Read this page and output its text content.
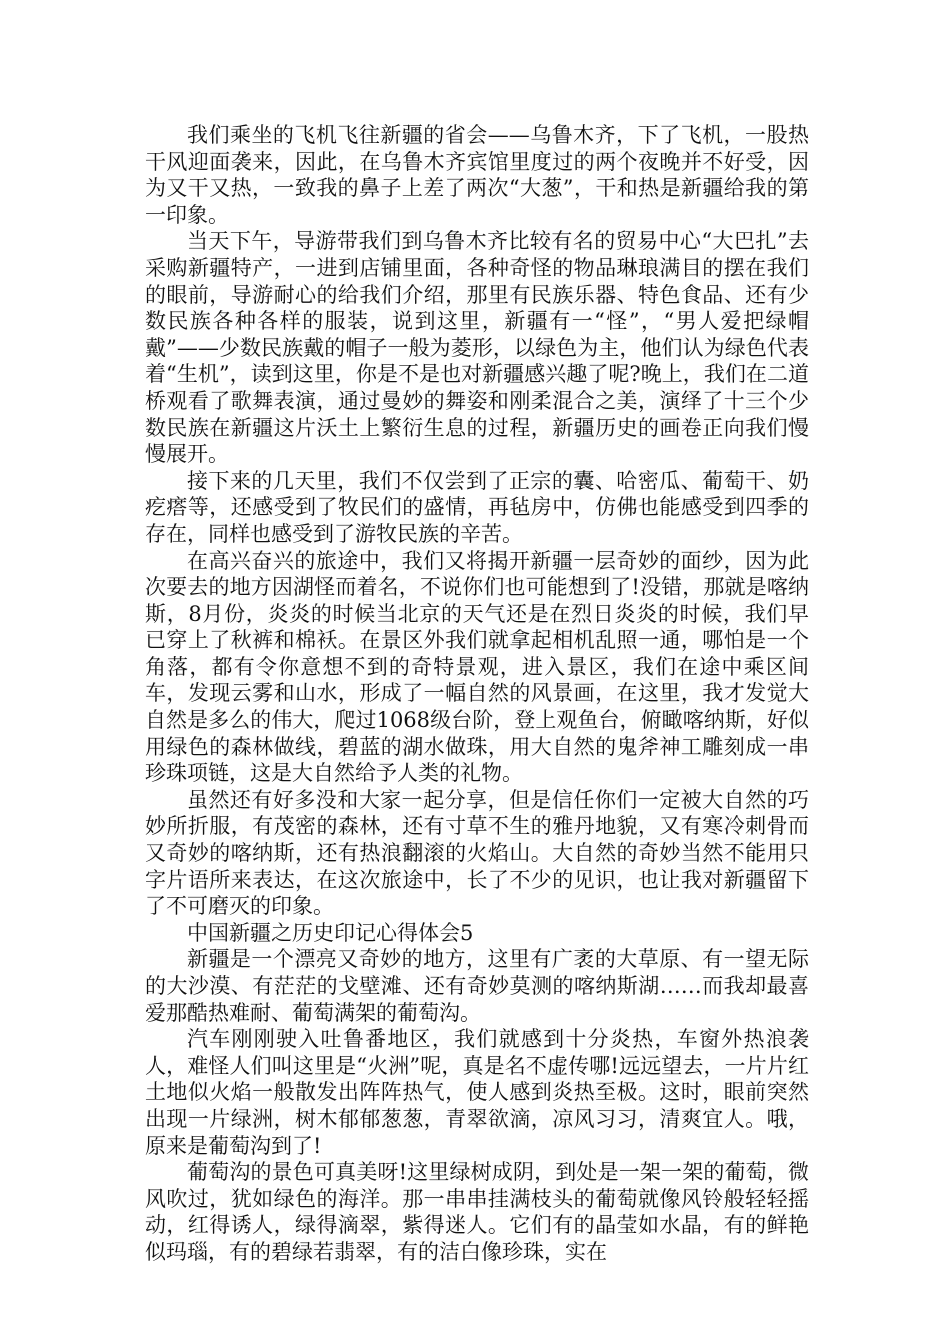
我们乘坐的飞机飞往新疆的省会——乌鲁木齐，下了飞机，一股热干风迎面袭来，因此，在乌鲁木齐宾馆里度过的两个夜晚并不好受，因为又干又热，一致我的鼻子上差了两次“大葱”，干和热是新疆给我的第一印象。

当天下午，导游带我们到乌鲁木齐比较有名的贸易中心“大巴扎”去采购新疆特产，一进到店铺里面，各种奇怪的物品琳琅满目的摆在我们的眼前，导游耐心的给我们介绍，那里有民族乐器、特色食品、还有少数民族各种各样的服装，说到这里，新疆有一“怪”，“男人爱把绿帽戴”——少数民族戴的帽子一般为菱形，以绿色为主，他们认为绿色代表着“生机”，读到这里，你是不是也对新疆感兴趣了呢?晚上，我们在二道桥观看了歌舞表演，通过曼妙的舞姿和刚柔混合之美，演绎了十三个少数民族在新疆这片沃土上繁衍生息的过程，新疆历史的画卷正向我们慢慢展开。

接下来的几天里，我们不仅尝到了正宗的囊、哈密瓜、葡萄干、奶疙瘩等，还感受到了牧民们的盛情，再毡房中，仿佛也能感受到四季的存在，同样也感受到了游牧民族的辛苦。

在高兴奋兴的旅途中，我们又将揭开新疆一层奇妙的面纱，因为此次要去的地方因湖怪而着名，不说你们也可能想到了!没错，那就是喀纳斯，8月份，炎炎的时候当北京的天气还是在烈日炎炎的时候，我们早已穿上了秋裤和棉袄。在景区外我们就拿起相机乱照一通，哪怕是一个角落，都有令你意想不到的奇特景观，进入景区，我们在途中乘区间车，发现云雾和山水，形成了一幅自然的风景画，在这里，我才发觉大自然是多么的伟大，爬过1068级台阶，登上观鱼台，俯瞰喀纳斯，好似用绿色的森林做线，碧蓝的湖水做珠，用大自然的鬼斧神工雕刻成一串珍珠项链，这是大自然给予人类的礼物。

虽然还有好多没和大家一起分享，但是信任你们一定被大自然的巧妙所折服，有茂密的森林，还有寸草不生的雅丹地貌，又有寒冷刺骨而又奇妙的喀纳斯，还有热浪翻滚的火焰山。大自然的奇妙当然不能用只字片语所来表达，在这次旅途中，长了不少的见识，也让我对新疆留下了不可磨灭的印象。

中国新疆之历史印记心得体会5

新疆是一个漂亮又奇妙的地方，这里有广袤的大草原、有一望无际的大沙漠、有茫茫的戈壁滩、还有奇妙莫测的喀纳斯湖……而我却最喜爱那酷热难耐、葡萄满架的葡萄沟。

汽车刚刚驶入吐鲁番地区，我们就感到十分炎热，车窗外热浪袭人，难怪人们叫这里是“火洲”呢，真是名不虚传哪!远远望去，一片片红土地似火焰一般散发出阵阵热气，使人感到炎热至极。这时，眼前突然出现一片绿洲，树木郁郁葱葱，青翠欲滴，凉风习习，清爽宜人。哦，原来是葡萄沟到了!

葡萄沟的景色可真美呀!这里绿树成阴，到处是一架一架的葡萄，微风吹过，犹如绿色的海洋。那一串串挂满枝头的葡萄就像风铃般轻轻摇动，红得诱人，绿得滴翠，紫得迷人。它们有的晶莹如水晶，有的鲜艳似玛瑙，有的碧绿若翡翠，有的洁白像珍珠，实在
